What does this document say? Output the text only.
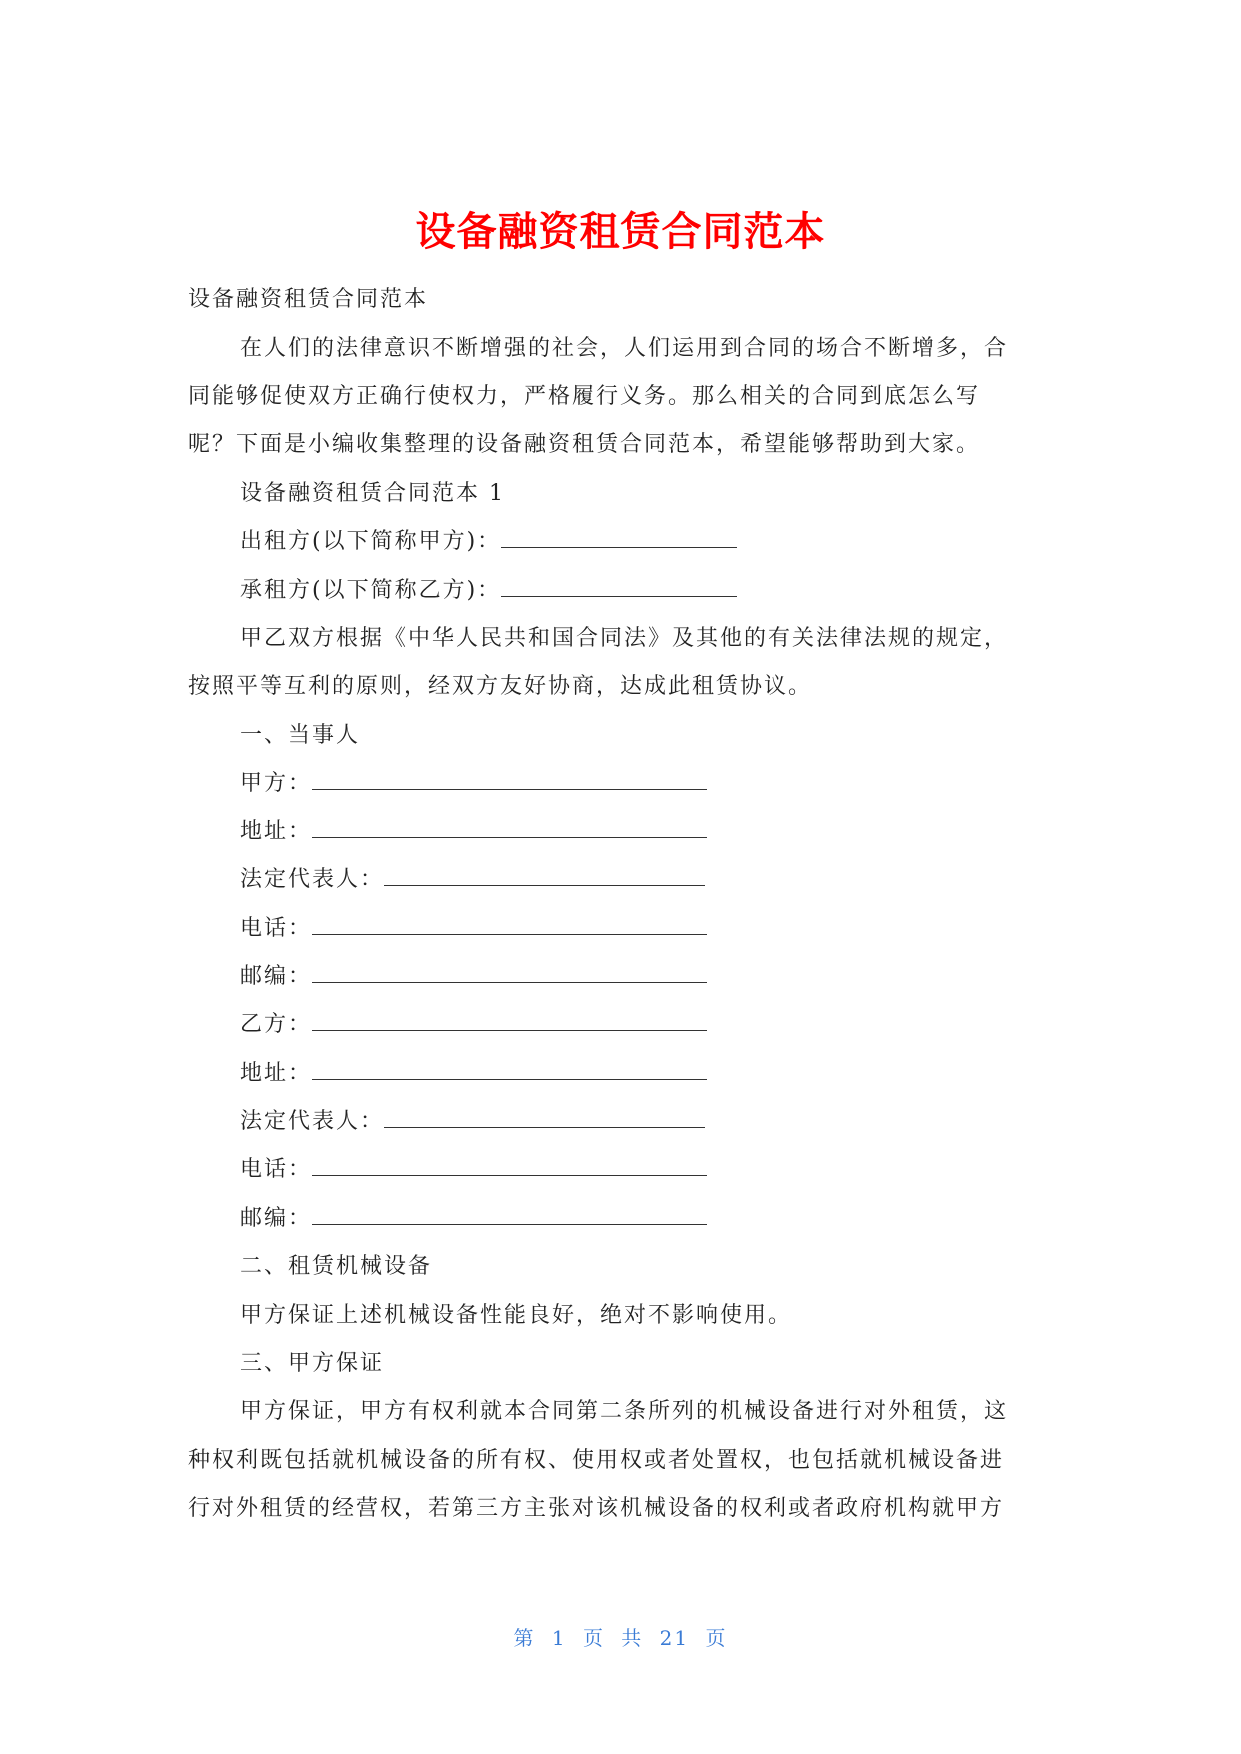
设备融资租赁合同范本
设备融资租赁合同范本
在人们的法律意识不断增强的社会，人们运用到合同的场合不断增多，合
同能够促使双方正确行使权力，严格履行义务。那么相关的合同到底怎么写
呢？下面是小编收集整理的设备融资租赁合同范本，希望能够帮助到大家。
设备融资租赁合同范本 1
出租方(以下简称甲方)：
承租方(以下简称乙方)：
甲乙双方根据《中华人民共和国合同法》及其他的有关法律法规的规定，
按照平等互利的原则，经双方友好协商，达成此租赁协议。
一、当事人
甲方：
地址：
法定代表人：
电话：
邮编：
乙方：
地址：
法定代表人：
电话：
邮编：
二、租赁机械设备
甲方保证上述机械设备性能良好，绝对不影响使用。
三、甲方保证
甲方保证，甲方有权利就本合同第二条所列的机械设备进行对外租赁，这
种权利既包括就机械设备的所有权、使用权或者处置权，也包括就机械设备进
行对外租赁的经营权，若第三方主张对该机械设备的权利或者政府机构就甲方
第 1 页 共 21 页
